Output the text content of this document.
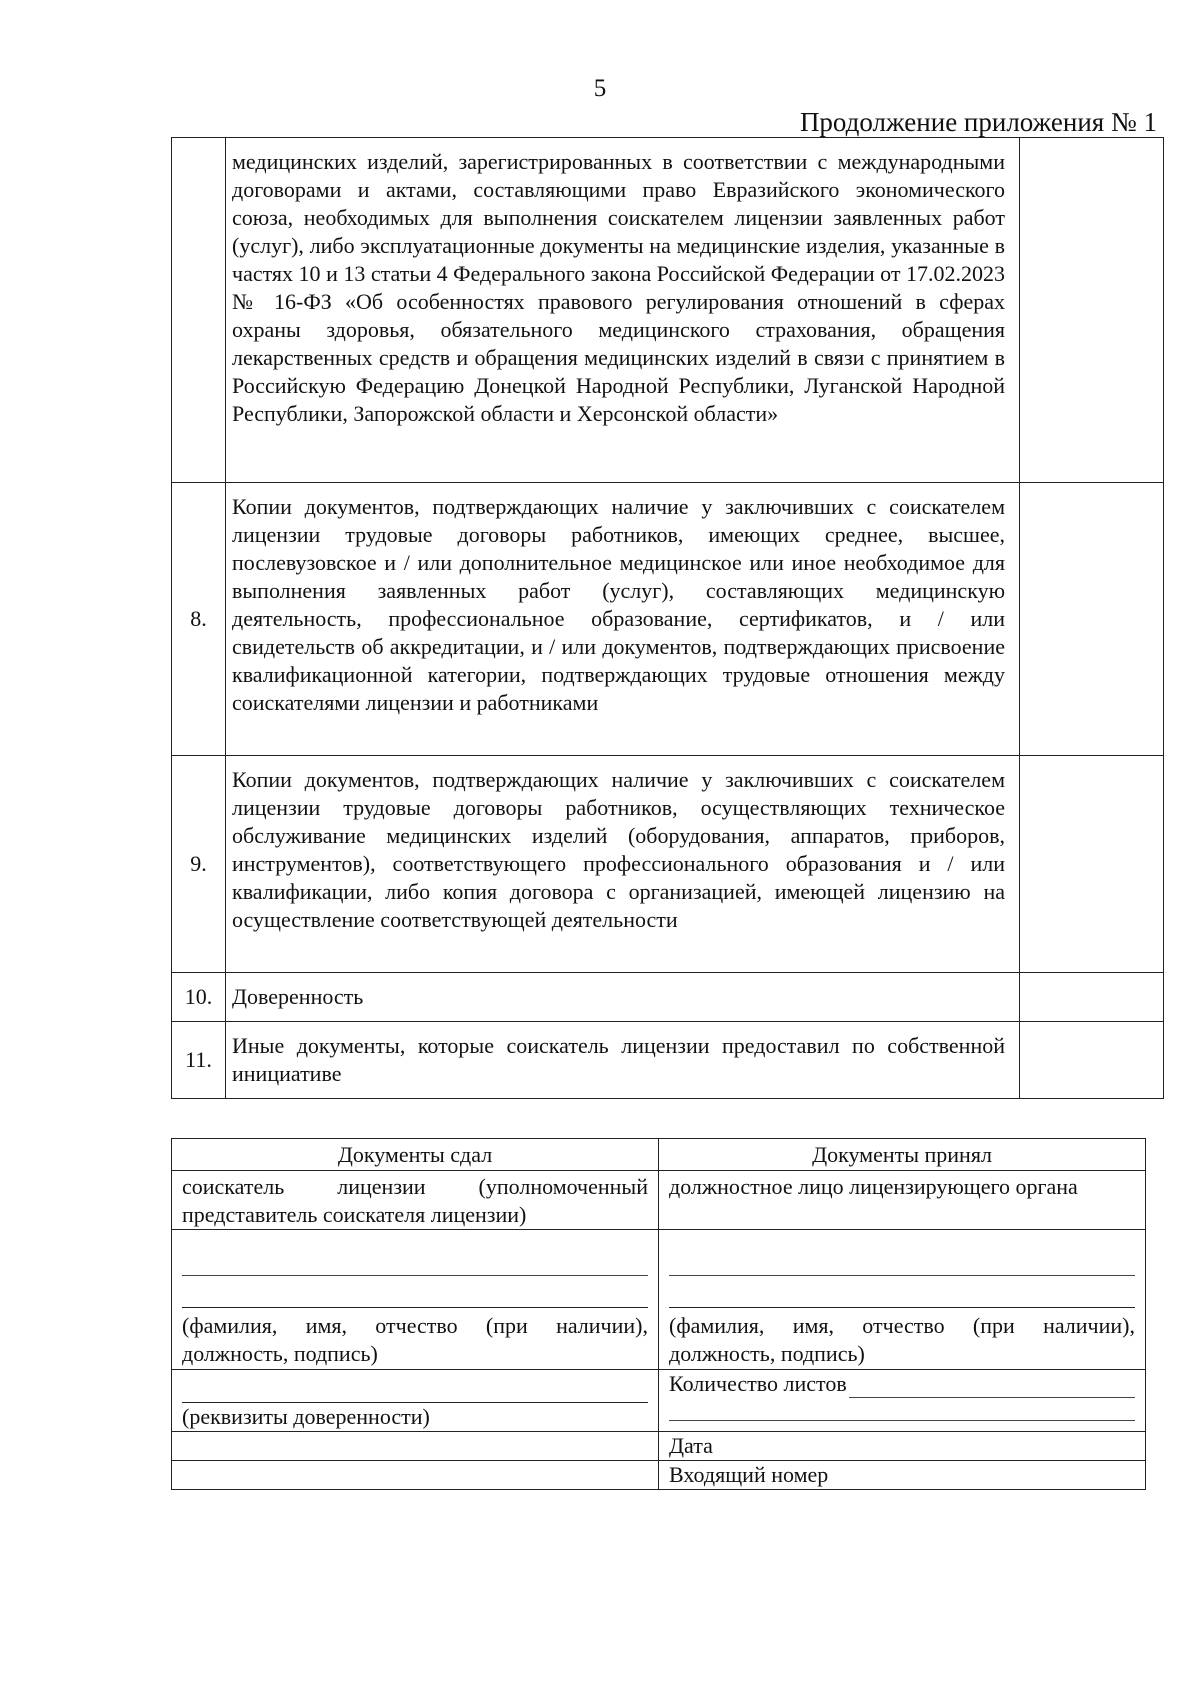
5
Продолжение приложения № 1
	медицинских изделий, зарегистрированных в соответствии с международными договорами и актами, составляющими право Евразийского экономического союза, необходимых для выполнения соискателем лицензии заявленных работ (услуг), либо эксплуатационные документы на медицинские изделия, указанные в частях 10 и 13 статьи 4 Федерального закона Российской Федерации от 17.02.2023 № 16-ФЗ «Об особенностях правового регулирования отношений в сферах охраны здоровья, обязательного медицинского страхования, обращения лекарственных средств и обращения медицинских изделий в связи с принятием в Российскую Федерацию Донецкой Народной Республики, Луганской Народной Республики, Запорожской области и Херсонской области»	
8.	Копии документов, подтверждающих наличие у заключивших с соискателем лицензии трудовые договоры работников, имеющих среднее, высшее, послевузовское и / или дополнительное медицинское или иное необходимое для выполнения заявленных работ (услуг), составляющих медицинскую деятельность, профессиональное образование, сертификатов, и / или свидетельств об аккредитации, и / или документов, подтверждающих присвоение квалификационной категории, подтверждающих трудовые отношения между соискателями лицензии и работниками	
9.	Копии документов, подтверждающих наличие у заключивших с соискателем лицензии трудовые договоры работников, осуществляющих техническое обслуживание медицинских изделий (оборудования, аппаратов, приборов, инструментов), соответствующего профессионального образования и / или квалификации, либо копия договора с организацией, имеющей лицензию на осуществление соответствующей деятельности	
10.	Доверенность	
11.	Иные документы, которые соискатель лицензии предоставил по собственной инициативе	
Документы сдал	Документы принял
соискатель лицензии (уполномоченный представитель соискателя лицензии)	должностное лицо лицензирующего органа

(фамилия, имя, отчество (при наличии), должность, подпись)	(фамилия, имя, отчество (при наличии), должность, подпись)

(реквизиты доверенности)	Количество листов

	Дата
	Входящий номер
